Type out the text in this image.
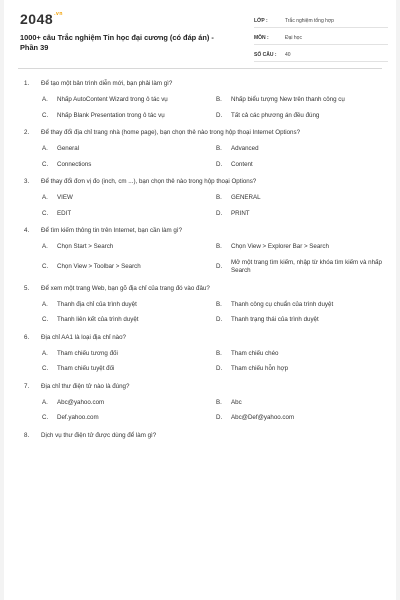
$2048^{.vn}$
1000+ câu Trắc nghiệm Tin học đại cương (có đáp án) - Phần 39
LỚP :	Trắc nghiệm tổng hợp
MÔN :	Đại học
SỐ CÂU :	40
1.	Để tạo một bản trình diễn mới, bạn phải làm gì?
A.	Nhấp AutoContent Wizard trong ô tác vụ	B.	Nhấp biểu tượng New trên thanh công cụ
C.	Nhấp Blank Presentation trong ô tác vụ	D.	Tất cả các phương án đều đúng
2.	Để thay đổi địa chỉ trang nhà (home page), bạn chọn thẻ nào trong hộp thoại Internet Options?
A.	General	B.	Advanced
C.	Connections	D.	Content
3.	Để thay đổi đơn vị đo (inch, cm ...), bạn chọn thẻ nào trong hộp thoại Options?
A.	VIEW	B.	GENERAL
C.	EDIT	D.	PRINT
4.	Để tìm kiếm thông tin trên Internet, bạn cần làm gì?
A.	Chọn Start > Search	B.	Chọn View > Explorer Bar > Search
C.	Chọn View > Toolbar > Search	D.
Mở một trang tìm kiếm, nhập từ khóa tìm kiếm và nhấp Search
5.	Để xem một trang Web, bạn gõ địa chỉ của trang đó vào đâu?
A.	Thanh địa chỉ của trình duyệt	B.	Thanh công cụ chuẩn của trình duyệt
C.	Thanh liên kết của trình duyệt	D.	Thanh trạng thái của trình duyệt
6.	Địa chỉ AA1 là loại địa chỉ nào?
A.	Tham chiếu tương đối	B.	Tham chiếu chéo
C.	Tham chiếu tuyệt đối	D.	Tham chiếu hỗn hợp
7.	Địa chỉ thư điện tử nào là đúng?
A.	Abc@yahoo.com	B.	Abc
C.	Def.yahoo.com	D.	Abc@Def@yahoo.com
8.	Dịch vụ thư điện tử được dùng để làm gì?
